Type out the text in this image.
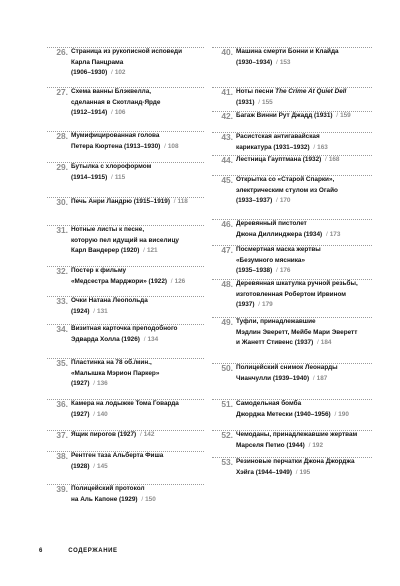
26. Страница из рукописной исповеди
Карла Панцрама
(1906–1930) / 102
27. Схема ванны Блэквелла,
сделанная в Скотланд-Ярде
(1912–1914) / 106
28. Мумифицированная голова
Петера Кюртена (1913–1930) / 108
29. Бутылка с хлороформом
(1914–1915) / 115
30. Печь Анри Ландрю (1915–1919) / 118
31. Нотные листы к песне,
которую пел идущий на виселицу
Карл Вандерер (1920) / 121
32. Постер к фильму
«Медсестра Марджори» (1922) / 126
33. Очки Натана Леопольда
(1924) / 131
34. Визитная карточка преподобного
Эдварда Холла (1926) / 134
35. Пластинка на 78 об./мин.,
«Малышка Мэрион Паркер»
(1927) / 136
36. Камера на лодыжке Тома Говарда
(1927) / 140
37. Ящик пирогов (1927) / 142
38. Рентген таза Альберта Фиша
(1928) / 145
39. Полицейский протокол
на Аль Капоне (1929) / 150
40. Машина смерти Бонни и Клайда
(1930–1934) / 153
41. Ноты песни The Crime At Quiet Dell
(1931) / 155
42. Багаж Винни Рут Джадд (1931) / 159
43. Расистская антигавайская
карикатура (1931–1932) / 163
44. Лестница Гауптмана (1932) / 168
45. Открытка со «Старой Спарки»,
электрическим стулом из Огайо
(1933–1937) / 170
46. Деревянный пистолет
Джона Диллинджера (1934) / 173
47. Посмертная маска жертвы
«Безумного мясника»
(1935–1938) / 176
48. Деревянная шкатулка ручной резьбы,
изготовленная Робертом Ирвином
(1937) / 179
49. Туфли, принадлежавшие
Мэдлин Эверетт, Мейбе Мари Эверетт
и Жанетт Стивенс (1937) / 184
50. Полицейский снимок Леонарды
Чианчулли (1939–1940) / 187
51. Самодельная бомба
Джорджа Метески (1940–1956) / 190
52. Чемоданы, принадлежавшие жертвам
Марселя Петио (1944) / 192
53. Резиновые перчатки Джона Джорджа
Хэйга (1944–1949) / 195
6	СОДЕРЖАНИЕ
